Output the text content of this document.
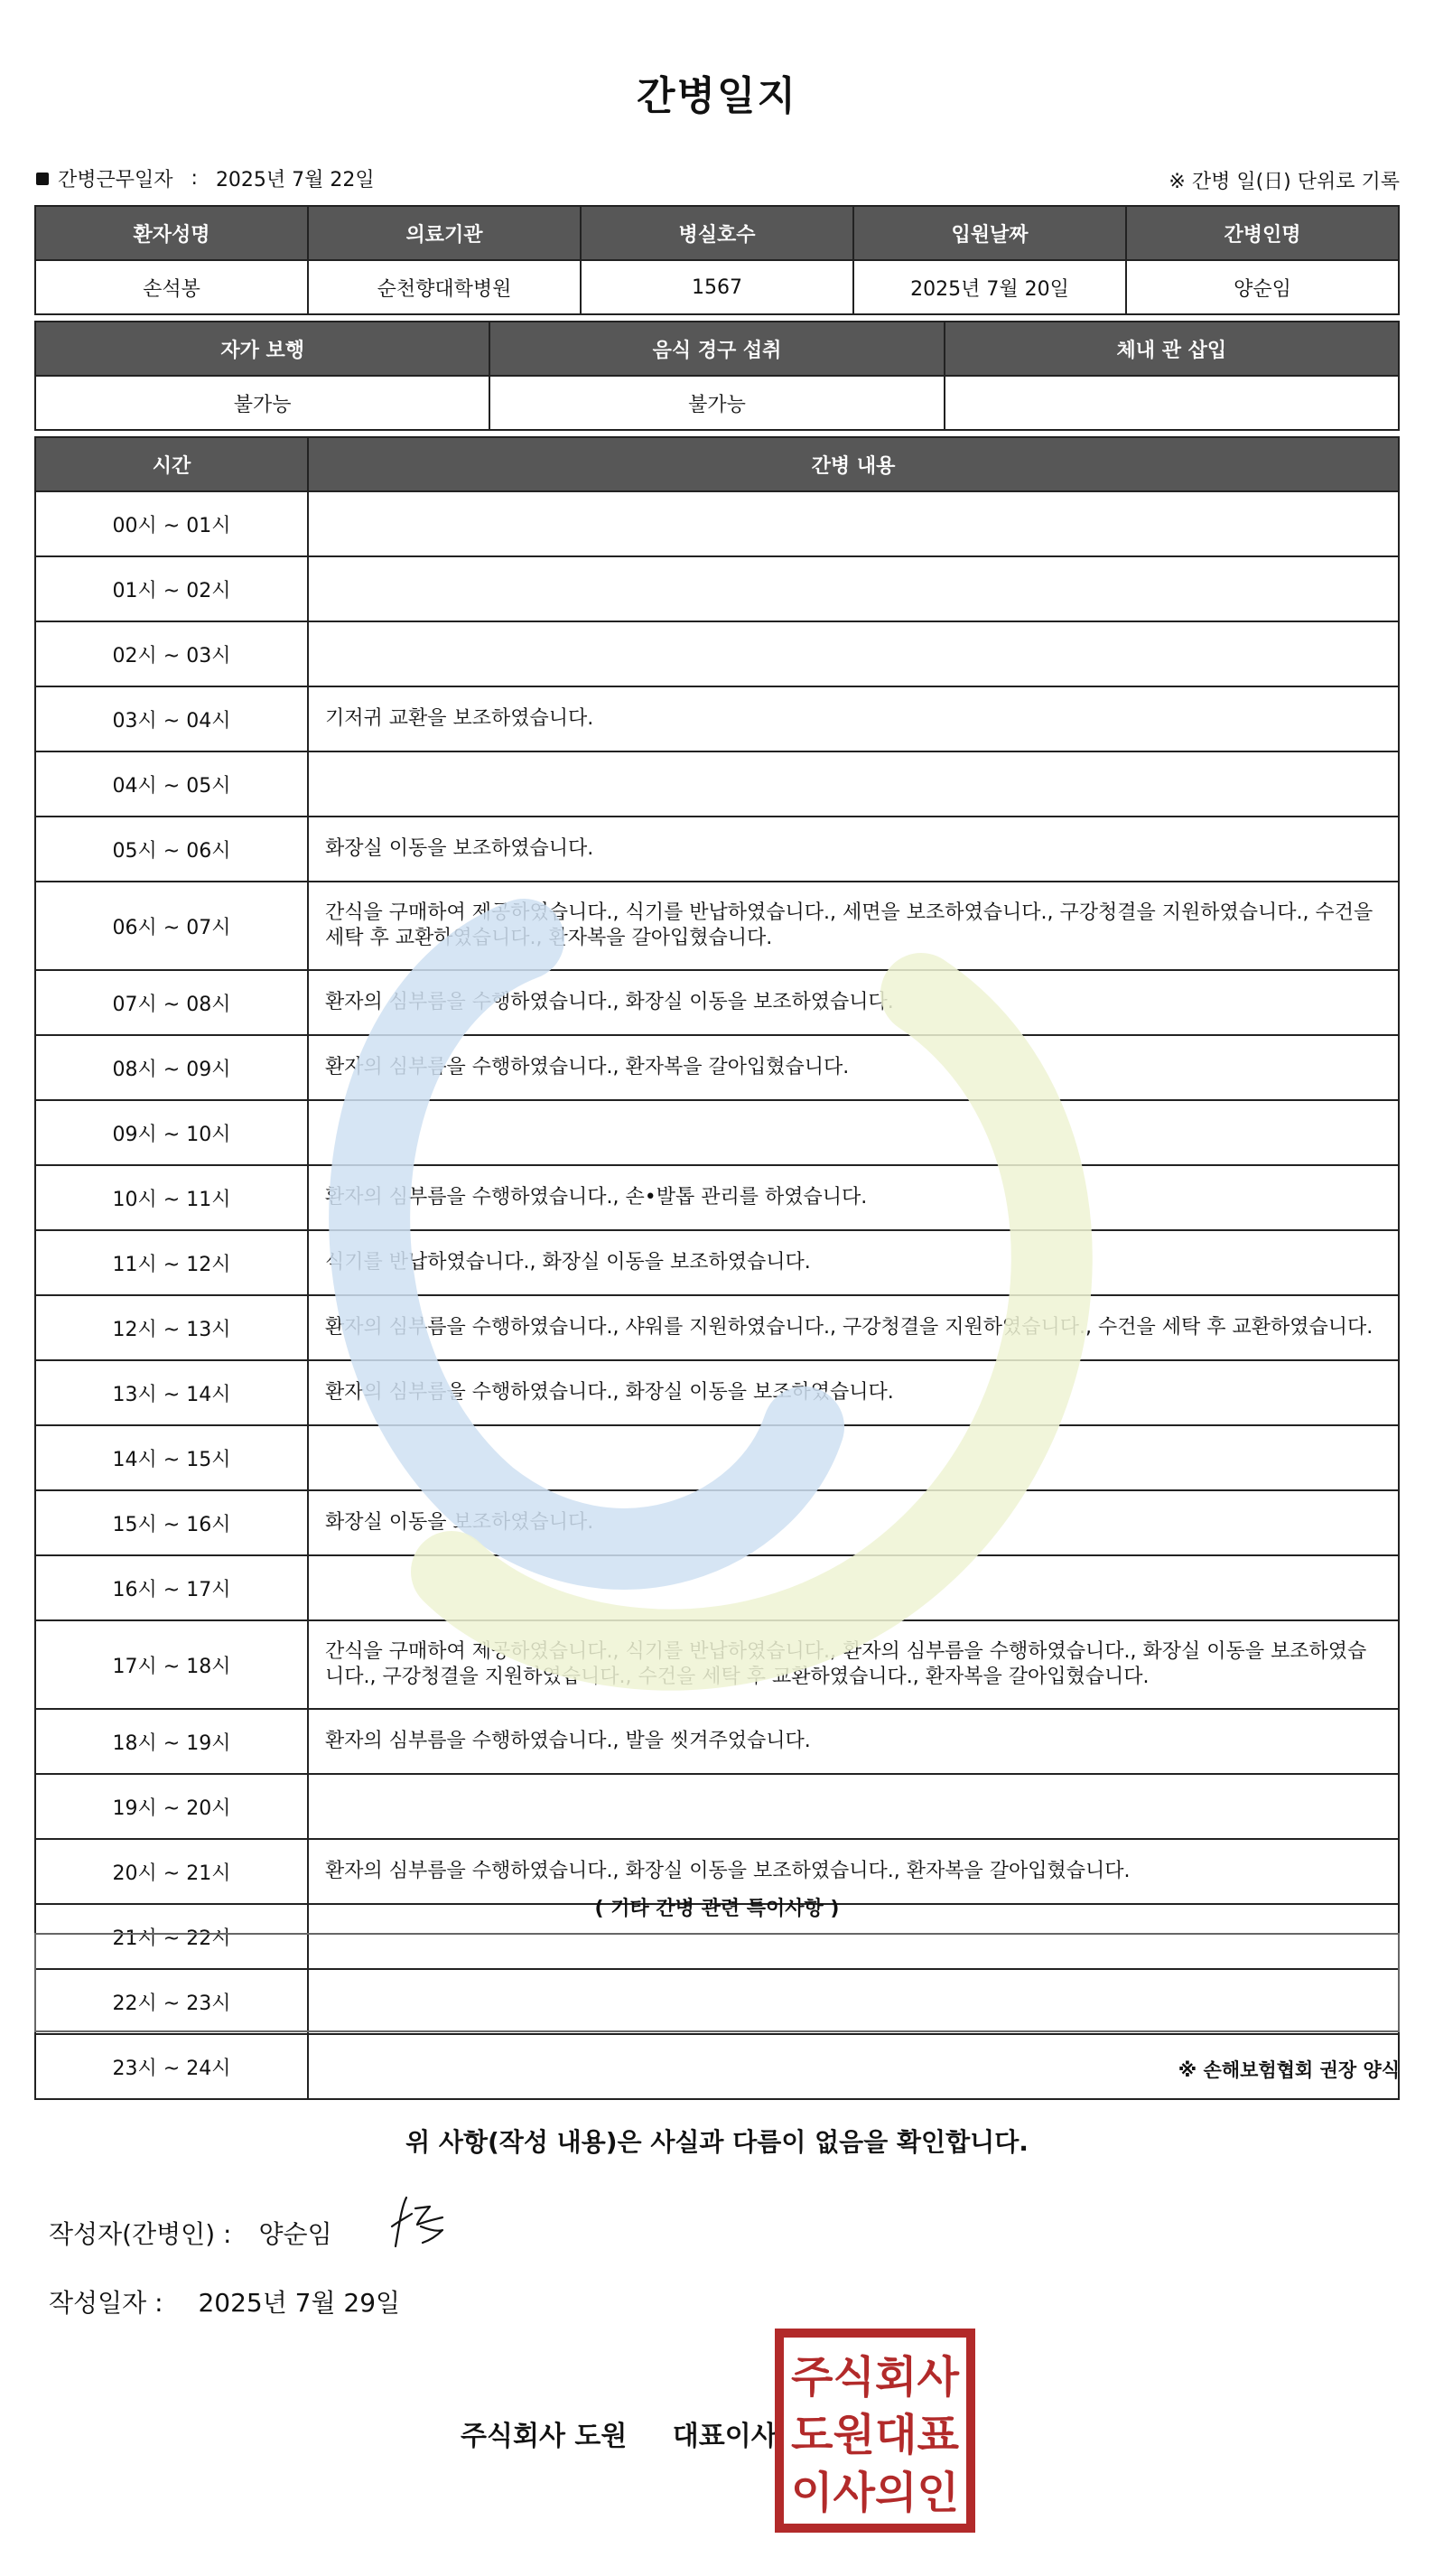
간병일지
간병근무일자 : 2025년 7월 22일	※ 간병 일(日) 단위로 기록
환자성명	의료기관	병실호수	입원날짜	간병인명
손석봉	순천향대학병원	1567	2025년 7월 20일	양순임
자가 보행	음식 경구 섭취	체내 관 삽입
불가능	불가능	
시간	간병 내용
00시 ~ 01시	
01시 ~ 02시	
02시 ~ 03시	
03시 ~ 04시	기저귀 교환을 보조하였습니다.
04시 ~ 05시	
05시 ~ 06시	화장실 이동을 보조하였습니다.
06시 ~ 07시	간식을 구매하여 제공하였습니다., 식기를 반납하였습니다., 세면을 보조하였습니다., 구강청결을 지원하였습니다., 수건을 세탁 후 교환하였습니다., 환자복을 갈아입혔습니다.
07시 ~ 08시	환자의 심부름을 수행하였습니다., 화장실 이동을 보조하였습니다.
08시 ~ 09시	환자의 심부름을 수행하였습니다., 환자복을 갈아입혔습니다.
09시 ~ 10시	
10시 ~ 11시	환자의 심부름을 수행하였습니다., 손•발톱 관리를 하였습니다.
11시 ~ 12시	식기를 반납하였습니다., 화장실 이동을 보조하였습니다.
12시 ~ 13시	환자의 심부름을 수행하였습니다., 샤워를 지원하였습니다., 구강청결을 지원하였습니다., 수건을 세탁 후 교환하였습니다.
13시 ~ 14시	환자의 심부름을 수행하였습니다., 화장실 이동을 보조하였습니다.
14시 ~ 15시	
15시 ~ 16시	화장실 이동을 보조하였습니다.
16시 ~ 17시	
17시 ~ 18시	간식을 구매하여 제공하였습니다., 식기를 반납하였습니다., 환자의 심부름을 수행하였습니다., 화장실 이동을 보조하였습니다., 구강청결을 지원하였습니다., 수건을 세탁 후 교환하였습니다., 환자복을 갈아입혔습니다.
18시 ~ 19시	환자의 심부름을 수행하였습니다., 발을 씻겨주었습니다.
19시 ~ 20시	
20시 ~ 21시	환자의 심부름을 수행하였습니다., 화장실 이동을 보조하였습니다., 환자복을 갈아입혔습니다.
21시 ~ 22시	
22시 ~ 23시	
23시 ~ 24시	
( 기타 간병 관련 특이사항 )
※ 손해보험협회 권장 양식
위 사항(작성 내용)은 사실과 다름이 없음을 확인합니다.
작성자(간병인) : 양순임
작성일자 : 2025년 7월 29일
주식회사 도원 대표이사
주식회사
도원대표
이사의인
